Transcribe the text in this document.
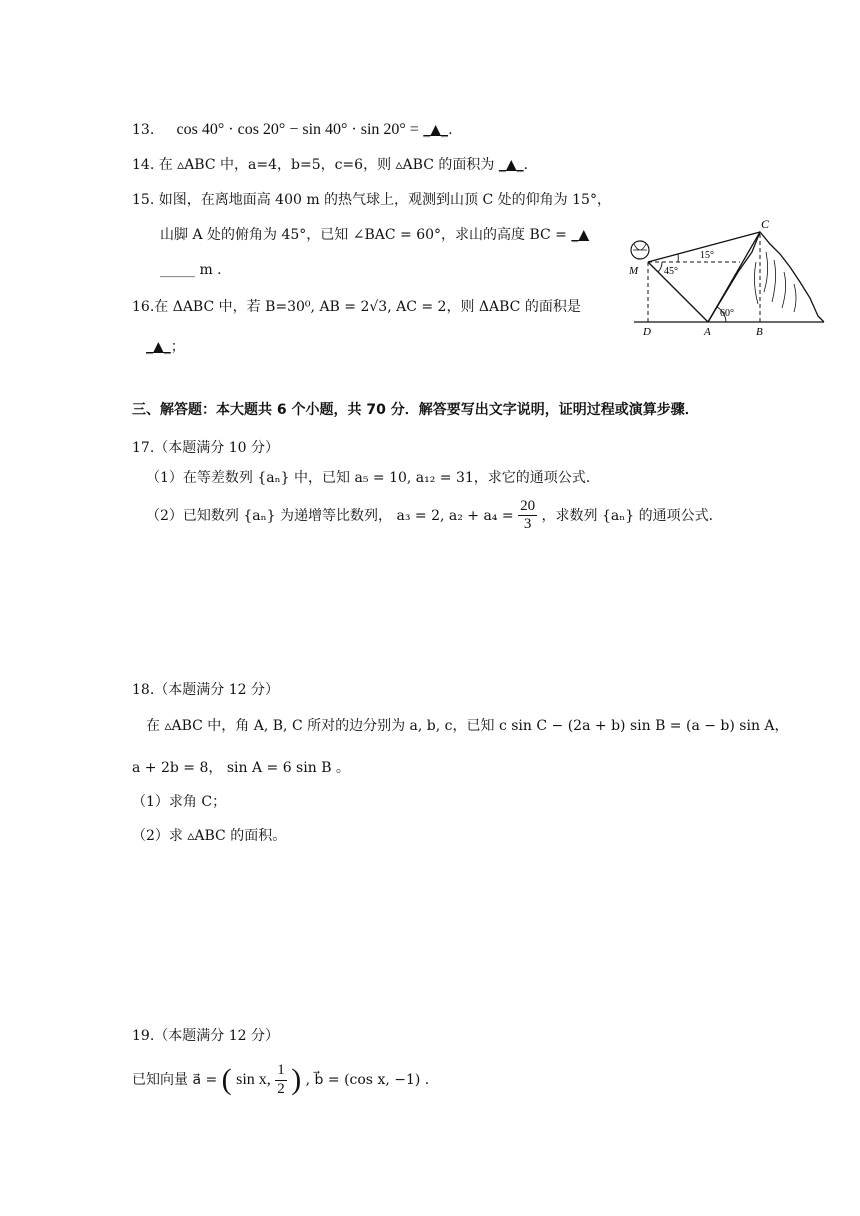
13. cos 40° · cos 20° − sin 40° · sin 20° = _▲_.
14. 在 ▵ABC 中，a=4，b=5，c=6，则 ▵ABC 的面积为 _▲_.
15. 如图，在离地面高 400 m 的热气球上，观测到山顶 C 处的仰角为 15°，
山脚 A 处的俯角为 45°，已知 ∠BAC = 60°，求山的高度 BC = _▲
_____ m .
16.在 ΔABC 中，若 B=30⁰, AB = 2√3, AC = 2，则 ΔABC 的面积是
_▲_；
C
M
D	A	B
15°
45°
60°
三、解答题：本大题共 6 个小题，共 70 分．解答要写出文字说明，证明过程或演算步骤．
17.（本题满分 10 分）
（1）在等差数列 {aₙ} 中，已知 a₅ = 10, a₁₂ = 31，求它的通项公式.
（2）已知数列 {aₙ} 为递增等比数列， a₃ = 2, $a_2 + a_4 = \frac{20}{3}$ ，求数列 {aₙ} 的通项公式.
18.（本题满分 12 分）
在 ▵ABC 中，角 A, B, C 所对的边分别为 a, b, c，已知 c sin C − (2a + b) sin B = (a − b) sin A，
a + 2b = 8， sin A = 6 sin B 。
（1）求角 C；
（2）求 ▵ABC 的面积。
19.（本题满分 12 分）
已知向量 a⃗ = ( sin x, $\frac{1}{2}$ ) , b⃗ = (cos x, −1) .
